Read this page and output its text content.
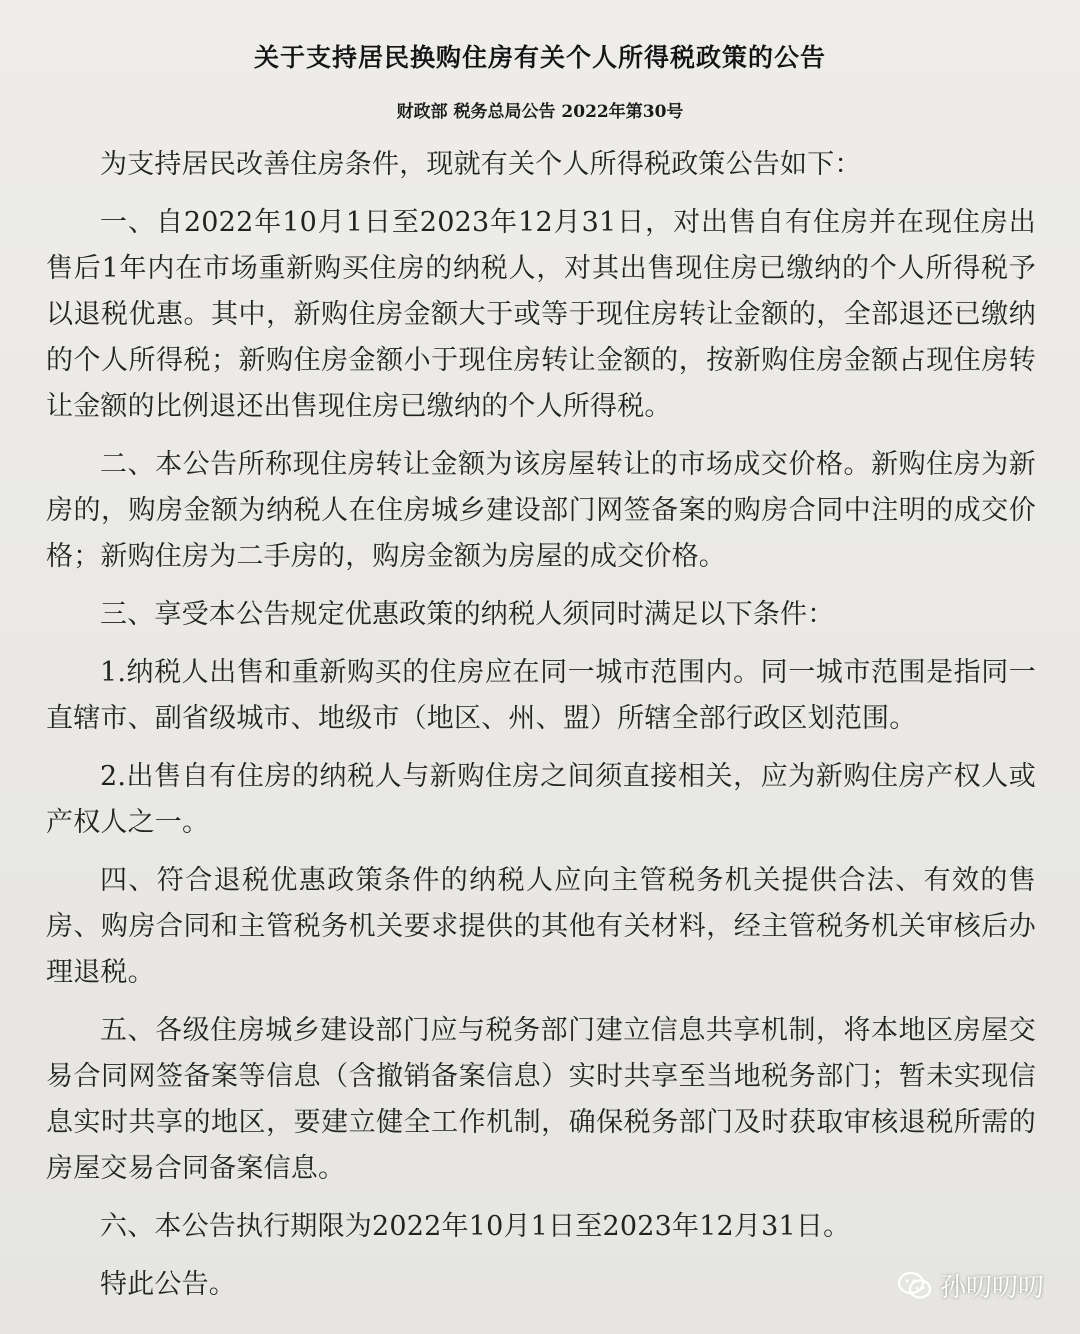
关于支持居民换购住房有关个人所得税政策的公告
财政部 税务总局公告 2022年第30号

为支持居民改善住房条件，现就有关个人所得税政策公告如下：

一、自2022年10月1日至2023年12月31日，对出售自有住房并在现住房出售后1年内在市场重新购买住房的纳税人，对其出售现住房已缴纳的个人所得税予以退税优惠。其中，新购住房金额大于或等于现住房转让金额的，全部退还已缴纳的个人所得税；新购住房金额小于现住房转让金额的，按新购住房金额占现住房转让金额的比例退还出售现住房已缴纳的个人所得税。

二、本公告所称现住房转让金额为该房屋转让的市场成交价格。新购住房为新房的，购房金额为纳税人在住房城乡建设部门网签备案的购房合同中注明的成交价格；新购住房为二手房的，购房金额为房屋的成交价格。

三、享受本公告规定优惠政策的纳税人须同时满足以下条件：

1.纳税人出售和重新购买的住房应在同一城市范围内。同一城市范围是指同一直辖市、副省级城市、地级市（地区、州、盟）所辖全部行政区划范围。

2.出售自有住房的纳税人与新购住房之间须直接相关，应为新购住房产权人或产权人之一。

四、符合退税优惠政策条件的纳税人应向主管税务机关提供合法、有效的售房、购房合同和主管税务机关要求提供的其他有关材料，经主管税务机关审核后办理退税。

五、各级住房城乡建设部门应与税务部门建立信息共享机制，将本地区房屋交易合同网签备案等信息（含撤销备案信息）实时共享至当地税务部门；暂未实现信息实时共享的地区，要建立健全工作机制，确保税务部门及时获取审核退税所需的房屋交易合同备案信息。

六、本公告执行期限为2022年10月1日至2023年12月31日。

特此公告。	孙叨叨叨
